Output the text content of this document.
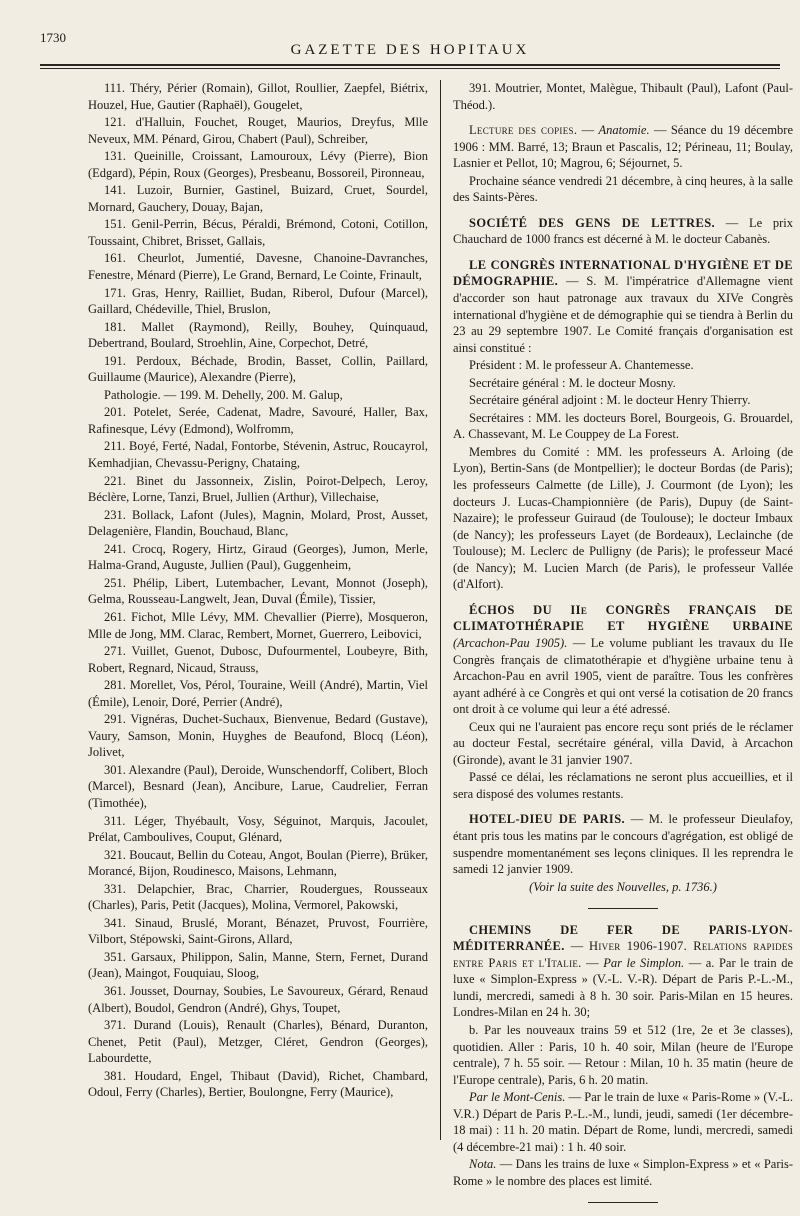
1730
GAZETTE DES HOPITAUX

111. Théry, Périer (Romain), Gillot, Roullier, Zaepfel, Biétrix, Houzel, Hue, Gautier (Raphaël), Gougelet,

121. d'Halluin, Fouchet, Rouget, Maurios, Dreyfus, Mlle Neveux, MM. Pénard, Girou, Chabert (Paul), Schreiber,

131. Queinille, Croissant, Lamouroux, Lévy (Pierre), Bion (Edgard), Pépin, Roux (Georges), Presbeanu, Bossoreil, Pironneau,

141. Luzoir, Burnier, Gastinel, Buizard, Cruet, Sourdel, Mornard, Gauchery, Douay, Bajan,

151. Genil-Perrin, Bécus, Péraldi, Brémond, Cotoni, Cotillon, Toussaint, Chibret, Brisset, Gallais,

161. Cheurlot, Jumentié, Davesne, Chanoine-Davranches, Fenestre, Ménard (Pierre), Le Grand, Bernard, Le Cointe, Frinault,

171. Gras, Henry, Railliet, Budan, Riberol, Dufour (Marcel), Gaillard, Chédeville, Thiel, Bruslon,

181. Mallet (Raymond), Reilly, Bouhey, Quinquaud, Debertrand, Boulard, Stroehlin, Aine, Corpechot, Detré,

191. Perdoux, Béchade, Brodin, Basset, Collin, Paillard, Guillaume (Maurice), Alexandre (Pierre),

Pathologie. — 199. M. Dehelly, 200. M. Galup,

201. Potelet, Serée, Cadenat, Madre, Savouré, Haller, Bax, Rafinesque, Lévy (Edmond), Wolfromm,

211. Boyé, Ferté, Nadal, Fontorbe, Stévenin, Astruc, Roucayrol, Kemhadjian, Chevassu-Perigny, Chataing,

221. Binet du Jassonneix, Zislin, Poirot-Delpech, Leroy, Béclère, Lorne, Tanzi, Bruel, Jullien (Arthur), Villechaise,

231. Bollack, Lafont (Jules), Magnin, Molard, Prost, Ausset, Delagenière, Flandin, Bouchaud, Blanc,

241. Crocq, Rogery, Hirtz, Giraud (Georges), Jumon, Merle, Halma-Grand, Auguste, Jullien (Paul), Guggenheim,

251. Phélip, Libert, Lutembacher, Levant, Monnot (Joseph), Gelma, Rousseau-Langwelt, Jean, Duval (Émile), Tissier,

261. Fichot, Mlle Lévy, MM. Chevallier (Pierre), Mosqueron, Mlle de Jong, MM. Clarac, Rembert, Mornet, Guerrero, Leibovici,

271. Vuillet, Guenot, Dubosc, Dufourmentel, Loubeyre, Bith, Robert, Regnard, Nicaud, Strauss,

281. Morellet, Vos, Pérol, Touraine, Weill (André), Martin, Viel (Émile), Lenoir, Doré, Perrier (André),

291. Vignéras, Duchet-Suchaux, Bienvenue, Bedard (Gustave), Vaury, Samson, Monin, Huyghes de Beaufond, Blocq (Léon), Jolivet,

301. Alexandre (Paul), Deroide, Wunschendorff, Colibert, Bloch (Marcel), Besnard (Jean), Ancibure, Larue, Caudrelier, Ferran (Timothée),

311. Léger, Thyébault, Vosy, Séguinot, Marquis, Jacoulet, Prélat, Camboulives, Couput, Glénard,

321. Boucaut, Bellin du Coteau, Angot, Boulan (Pierre), Brüker, Morancé, Bijon, Roudinesco, Maisons, Lehmann,

331. Delapchier, Brac, Charrier, Roudergues, Rousseaux (Charles), Paris, Petit (Jacques), Molina, Vermorel, Pakowski,

341. Sinaud, Bruslé, Morant, Bénazet, Pruvost, Fourrière, Vilbort, Stépowski, Saint-Girons, Allard,

351. Garsaux, Philippon, Salin, Manne, Stern, Fernet, Durand (Jean), Maingot, Fouquiau, Sloog,

361. Jousset, Dournay, Soubies, Le Savoureux, Gérard, Renaud (Albert), Boudol, Gendron (André), Ghys, Toupet,

371. Durand (Louis), Renault (Charles), Bénard, Duranton, Chenet, Petit (Paul), Metzger, Cléret, Gendron (Georges), Labourdette,

381. Houdard, Engel, Thibaut (David), Richet, Chambard, Odoul, Ferry (Charles), Bertier, Boulongne, Ferry (Maurice),

391. Moutrier, Montet, Malègue, Thibault (Paul), Lafont (Paul-Théod.).

Lecture des copies. — Anatomie. — Séance du 19 décembre 1906 : MM. Barré, 13; Braun et Pascalis, 12; Périneau, 11; Boulay, Lasnier et Pellot, 10; Magrou, 6; Séjournet, 5.

Prochaine séance vendredi 21 décembre, à cinq heures, à la salle des Saints-Pères.

SOCIÉTÉ DES GENS DE LETTRES. — Le prix Chauchard de 1000 francs est décerné à M. le docteur Cabanès.

LE CONGRÈS INTERNATIONAL D'HYGIÈNE ET DE DÉMOGRAPHIE. — S. M. l'impératrice d'Allemagne vient d'accorder son haut patronage aux travaux du XIVe Congrès international d'hygiène et de démographie qui se tiendra à Berlin du 23 au 29 septembre 1907. Le Comité français d'organisation est ainsi constitué :

Président : M. le professeur A. Chantemesse.

Secrétaire général : M. le docteur Mosny.

Secrétaire général adjoint : M. le docteur Henry Thierry.

Secrétaires : MM. les docteurs Borel, Bourgeois, G. Brouardel, A. Chassevant, M. Le Couppey de La Forest.

Membres du Comité : MM. les professeurs A. Arloing (de Lyon), Bertin-Sans (de Montpellier); le docteur Bordas (de Paris); les professeurs Calmette (de Lille), J. Courmont (de Lyon); les docteurs J. Lucas-Championnière (de Paris), Dupuy (de Saint-Nazaire); le professeur Guiraud (de Toulouse); le docteur Imbaux (de Nancy); les professeurs Layet (de Bordeaux), Leclainche (de Toulouse); M. Leclerc de Pulligny (de Paris); le professeur Macé (de Nancy); M. Lucien March (de Paris), le professeur Vallée (d'Alfort).

ÉCHOS DU IIe CONGRÈS FRANÇAIS DE CLIMATOTHÉRAPIE ET HYGIÈNE URBAINE (Arcachon-Pau 1905). — Le volume publiant les travaux du IIe Congrès français de climatothérapie et d'hygiène urbaine tenu à Arcachon-Pau en avril 1905, vient de paraître. Tous les confrères ayant adhéré à ce Congrès et qui ont versé la cotisation de 20 francs ont droit à ce volume qui leur a été adressé.

Ceux qui ne l'auraient pas encore reçu sont priés de le réclamer au docteur Festal, secrétaire général, villa David, à Arcachon (Gironde), avant le 31 janvier 1907.

Passé ce délai, les réclamations ne seront plus accueillies, et il sera disposé des volumes restants.

HOTEL-DIEU DE PARIS. — M. le professeur Dieulafoy, étant pris tous les matins par le concours d'agrégation, est obligé de suspendre momentanément ses leçons cliniques. Il les reprendra le samedi 12 janvier 1909.

(Voir la suite des Nouvelles, p. 1736.)

CHEMINS DE FER DE PARIS-LYON-MÉDITERRANÉE. — Hiver 1906-1907. Relations rapides entre Paris et l'Italie. — Par le Simplon. — a. Par le train de luxe « Simplon-Express » (V.-L. V.-R). Départ de Paris P.-L.-M., lundi, mercredi, samedi à 8 h. 30 soir. Paris-Milan en 15 heures. Londres-Milan en 24 h. 30;

b. Par les nouveaux trains 59 et 512 (1re, 2e et 3e classes), quotidien. Aller : Paris, 10 h. 40 soir, Milan (heure de l'Europe centrale), 7 h. 55 soir. — Retour : Milan, 10 h. 35 matin (heure de l'Europe centrale), Paris, 6 h. 20 matin.

Par le Mont-Cenis. — Par le train de luxe « Paris-Rome » (V.-L. V.R.) Départ de Paris P.-L.-M., lundi, jeudi, samedi (1er décembre-18 mai) : 11 h. 20 matin. Départ de Rome, lundi, mercredi, samedi (4 décembre-21 mai) : 1 h. 40 soir.

Nota. — Dans les trains de luxe « Simplon-Express » et « Paris-Rome » le nombre des places est limité.
